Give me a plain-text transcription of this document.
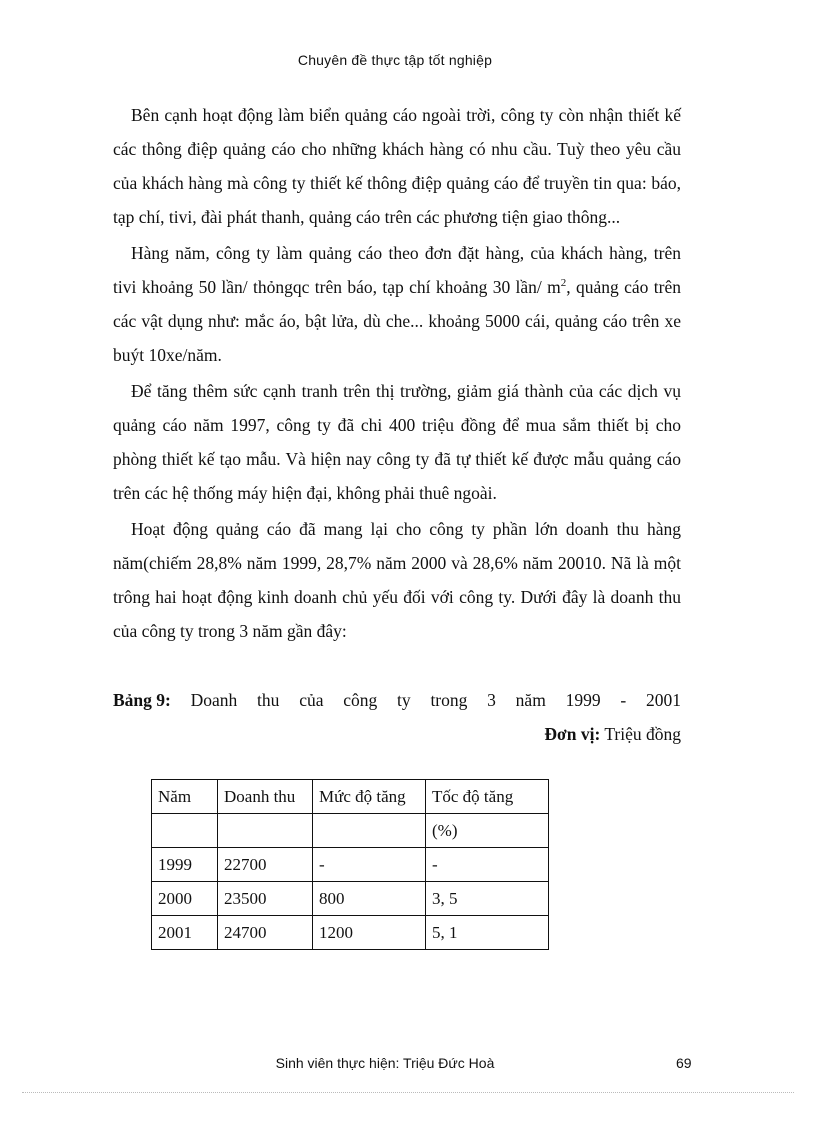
Chuyên đề thực tập tốt nghiệp

Bên cạnh hoạt động làm biển quảng cáo ngoài trời, công ty còn nhận thiết kế các thông điệp quảng cáo cho những khách hàng có nhu cầu. Tuỳ theo yêu cầu của khách hàng mà công ty thiết kế thông điệp quảng cáo để truyền tin qua: báo, tạp chí, tivi, đài phát thanh, quảng cáo trên các phương tiện giao thông...

Hàng năm, công ty làm quảng cáo theo đơn đặt hàng, của khách hàng, trên tivi khoảng 50 lần/ thỏngqc trên báo, tạp chí khoảng 30 lần/ $m^2$, quảng cáo trên các vật dụng như: mắc áo, bật lửa, dù che... khoảng 5000 cái, quảng cáo trên xe buýt 10xe/năm.

Để tăng thêm sức cạnh tranh trên thị trường, giảm giá thành của các dịch vụ quảng cáo năm 1997, công ty đã chi 400 triệu đồng để mua sắm thiết bị cho phòng thiết kế tạo mẫu. Và hiện nay công ty đã tự thiết kế được mẫu quảng cáo trên các hệ thống máy hiện đại, không phải thuê ngoài.

Hoạt động quảng cáo đã mang lại cho công ty phần lớn doanh thu hàng năm(chiếm 28,8% năm 1999, 28,7% năm 2000 và 28,6% năm 20010. Nã là một trông hai hoạt động kinh doanh chủ yếu đối với công ty. Dưới đây là doanh thu của công ty trong 3 năm gần đây:

Bảng 9: Doanh thu của công ty trong 3 năm 1999 - 2001
Đơn vị: Triệu đồng
Năm	Doanh thu	Mức độ tăng	Tốc độ tăng
			(%)
1999	22700	-	-
2000	23500	800	3, 5
2001	24700	1200	5, 1
Sinh viên thực hiện: Triệu Đức Hoà	69
